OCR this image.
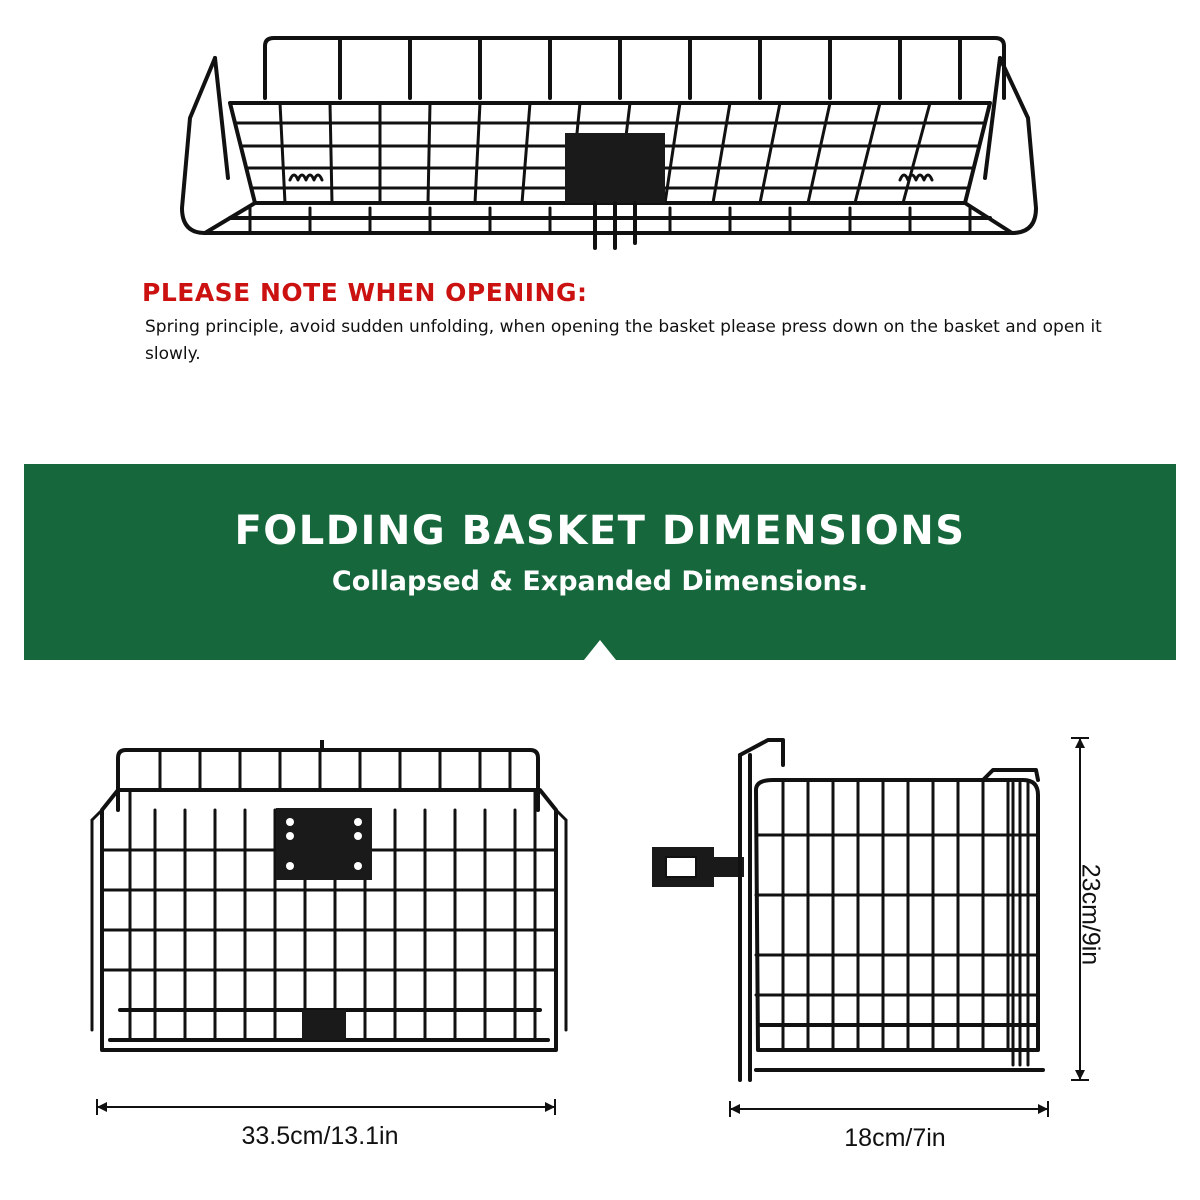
PLEASE NOTE WHEN OPENING:
Spring principle, avoid sudden unfolding, when opening the basket please press down on the basket and open it slowly.
FOLDING BASKET DIMENSIONS
Collapsed & Expanded Dimensions.
33.5cm/13.1in
23cm/9in
18cm/7in
